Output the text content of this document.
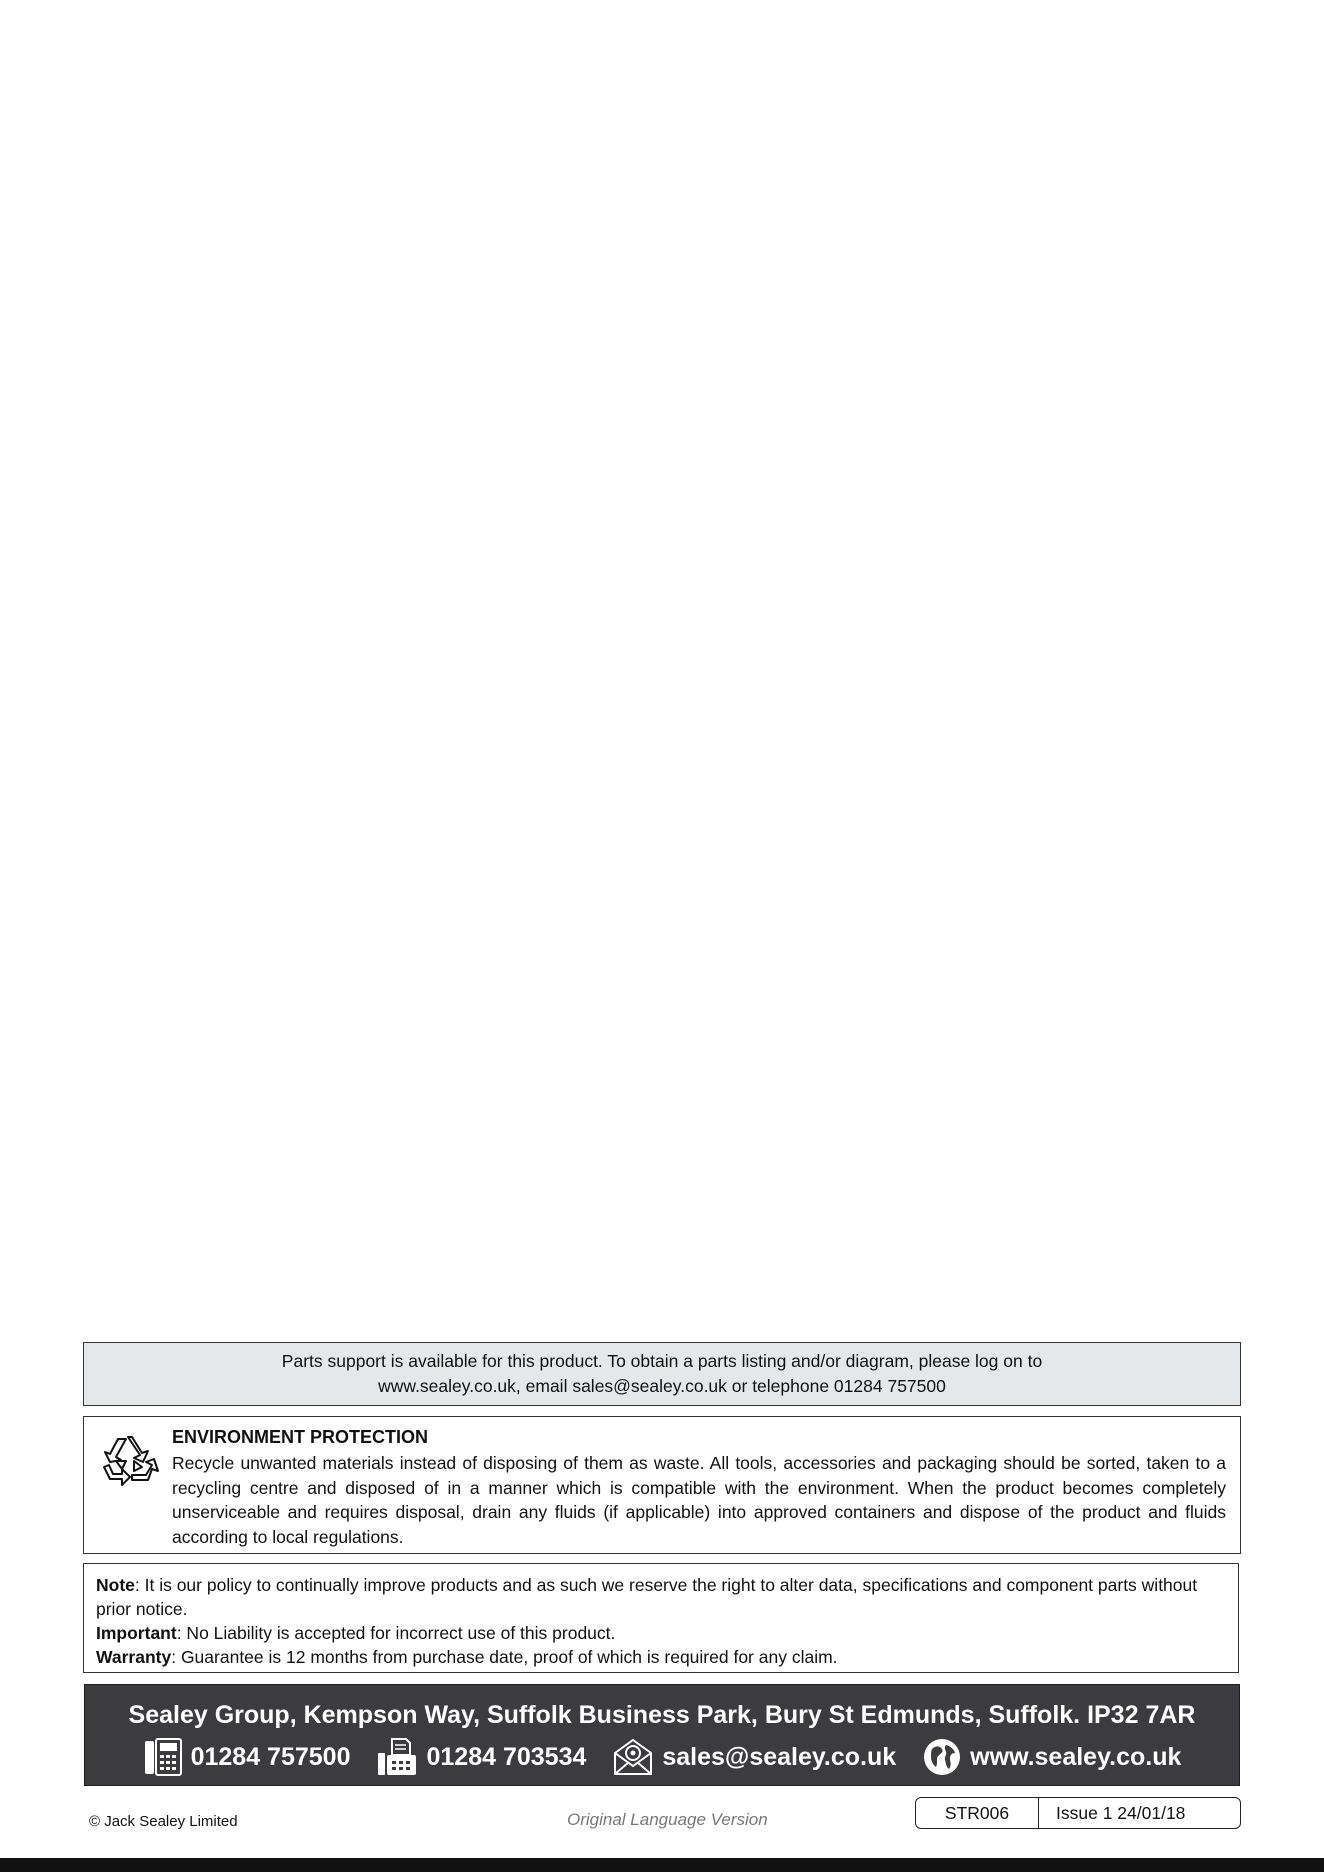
Parts support is available for this product. To obtain a parts listing and/or diagram, please log on to
www.sealey.co.uk, email sales@sealey.co.uk or telephone 01284 757500
ENVIRONMENT PROTECTION
Recycle unwanted materials instead of disposing of them as waste. All tools, accessories and packaging should be sorted, taken to a recycling centre and disposed of in a manner which is compatible with the environment. When the product becomes completely unserviceable and requires disposal, drain any fluids (if applicable) into approved containers and dispose of the product and fluids according to local regulations.

Note: It is our policy to continually improve products and as such we reserve the right to alter data, specifications and component parts without prior notice.

Important: No Liability is accepted for incorrect use of this product.

Warranty: Guarantee is 12 months from purchase date, proof of which is required for any claim.

Sealey Group, Kempson Way, Suffolk Business Park, Bury St Edmunds, Suffolk. IP32 7AR
01284 757500	01284 703534	sales@sealey.co.uk	www.sealey.co.uk
© Jack Sealey Limited	Original Language Version	STR006	Issue 1 24/01/18
